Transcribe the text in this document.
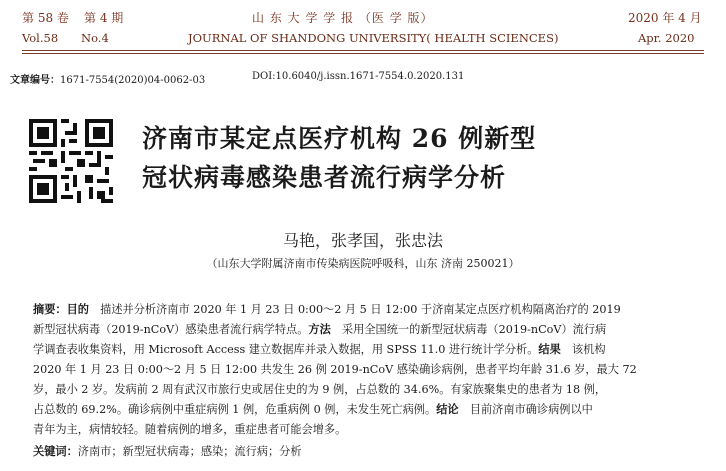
第 58 卷 第 4 期	山 东 大 学 学 报 （医 学 版）	2020 年 4 月
Vol.58 No.4	JOURNAL OF SHANDONG UNIVERSITY( HEALTH SCIENCES)	Apr. 2020
文章编号：1671-7554(2020)04-0062-03	DOI:10.6040/j.issn.1671-7554.0.2020.131
济南市某定点医疗机构 26 例新型
冠状病毒感染患者流行病学分析
马艳，张孝国，张忠法
（山东大学附属济南市传染病医院呼吸科，山东 济南 250021）
摘要：目的　描述并分析济南市 2020 年 1 月 23 日 0:00～2 月 5 日 12:00 于济南某定点医疗机构隔离治疗的 2019
新型冠状病毒（2019-nCoV）感染患者流行病学特点。方法　采用全国统一的新型冠状病毒（2019-nCoV）流行病
学调查表收集资料，用 Microsoft Access 建立数据库并录入数据，用 SPSS 11.0 进行统计学分析。结果　该机构
2020 年 1 月 23 日 0:00～2 月 5 日 12:00 共发生 26 例 2019-nCoV 感染确诊病例，患者平均年龄 31.6 岁，最大 72
岁，最小 2 岁。发病前 2 周有武汉市旅行史或居住史的为 9 例，占总数的 34.6%。有家族聚集史的患者为 18 例，
占总数的 69.2%。确诊病例中重症病例 1 例，危重病例 0 例，未发生死亡病例。结论　目前济南市确诊病例以中
青年为主，病情较轻。随着病例的增多，重症患者可能会增多。
关键词：济南市；新型冠状病毒；感染；流行病；分析
